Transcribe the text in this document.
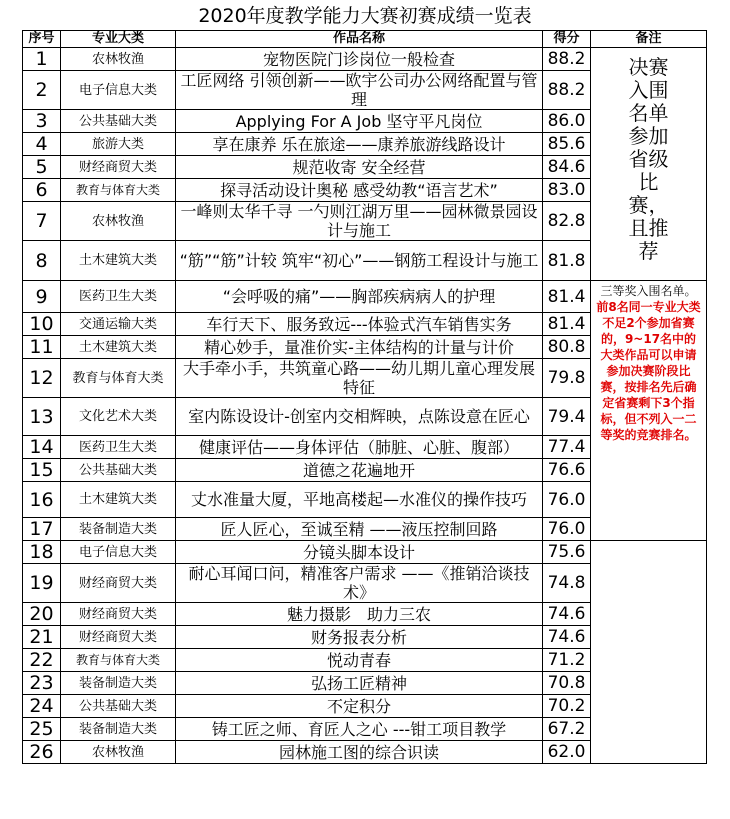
2020年度教学能力大赛初赛成绩一览表
序号	专业大类	作品名称	得分	备注
1	农林牧渔	宠物医院门诊岗位一般检查	88.2	决赛入围名单参加省级比赛，且推荐
2	电子信息大类	工匠网络 引领创新——欧宇公司办公网络配置与管理	88.2	
3	公共基础大类	Applying For A Job 坚守平凡岗位	86.0	
4	旅游大类	享在康养 乐在旅途——康养旅游线路设计	85.6	
5	财经商贸大类	规范收寄 安全经营	84.6	
6	教育与体育大类	探寻活动设计奥秘 感受幼教“语言艺术”	83.0	
7	农林牧渔	一峰则太华千寻 一勺则江湖万里——园林微景园设计与施工	82.8	
8	土木建筑大类	“筋”“筋”计较 筑牢“初心”——钢筋工程设计与施工	81.8	
9	医药卫生大类	“会呼吸的痛”——胸部疾病病人的护理	81.4	三等奖入围名单。前8名同一专业大类不足2个参加省赛的，9~17名中的大类作品可以申请参加决赛阶段比赛，按排名先后确定省赛剩下3个指标，但不列入一二等奖的竞赛排名。
10	交通运输大类	车行天下、服务致远---体验式汽车销售实务	81.4	
11	土木建筑大类	精心妙手，量准价实-主体结构的计量与计价	80.8	
12	教育与体育大类	大手牵小手，共筑童心路——幼儿期儿童心理发展特征	79.8	
13	文化艺术大类	室内陈设设计-创室内交相辉映，点陈设意在匠心	79.4	
14	医药卫生大类	健康评估——身体评估（肺脏、心脏、腹部）	77.4	
15	公共基础大类	道德之花遍地开	76.6	
16	土木建筑大类	丈水准量大厦，平地高楼起—水准仪的操作技巧	76.0	
17	装备制造大类	匠人匠心，至诚至精 ——液压控制回路	76.0	
18	电子信息大类	分镜头脚本设计	75.6	
19	财经商贸大类	耐心耳闻口问，精准客户需求 ——《推销洽谈技术》	74.8	
20	财经商贸大类	魅力摄影　助力三农	74.6	
21	财经商贸大类	财务报表分析	74.6	
22	教育与体育大类	悦动青春	71.2	
23	装备制造大类	弘扬工匠精神	70.8	
24	公共基础大类	不定积分	70.2	
25	装备制造大类	铸工匠之师、育匠人之心 ---钳工项目教学	67.2	
26	农林牧渔	园林施工图的综合识读	62.0	
